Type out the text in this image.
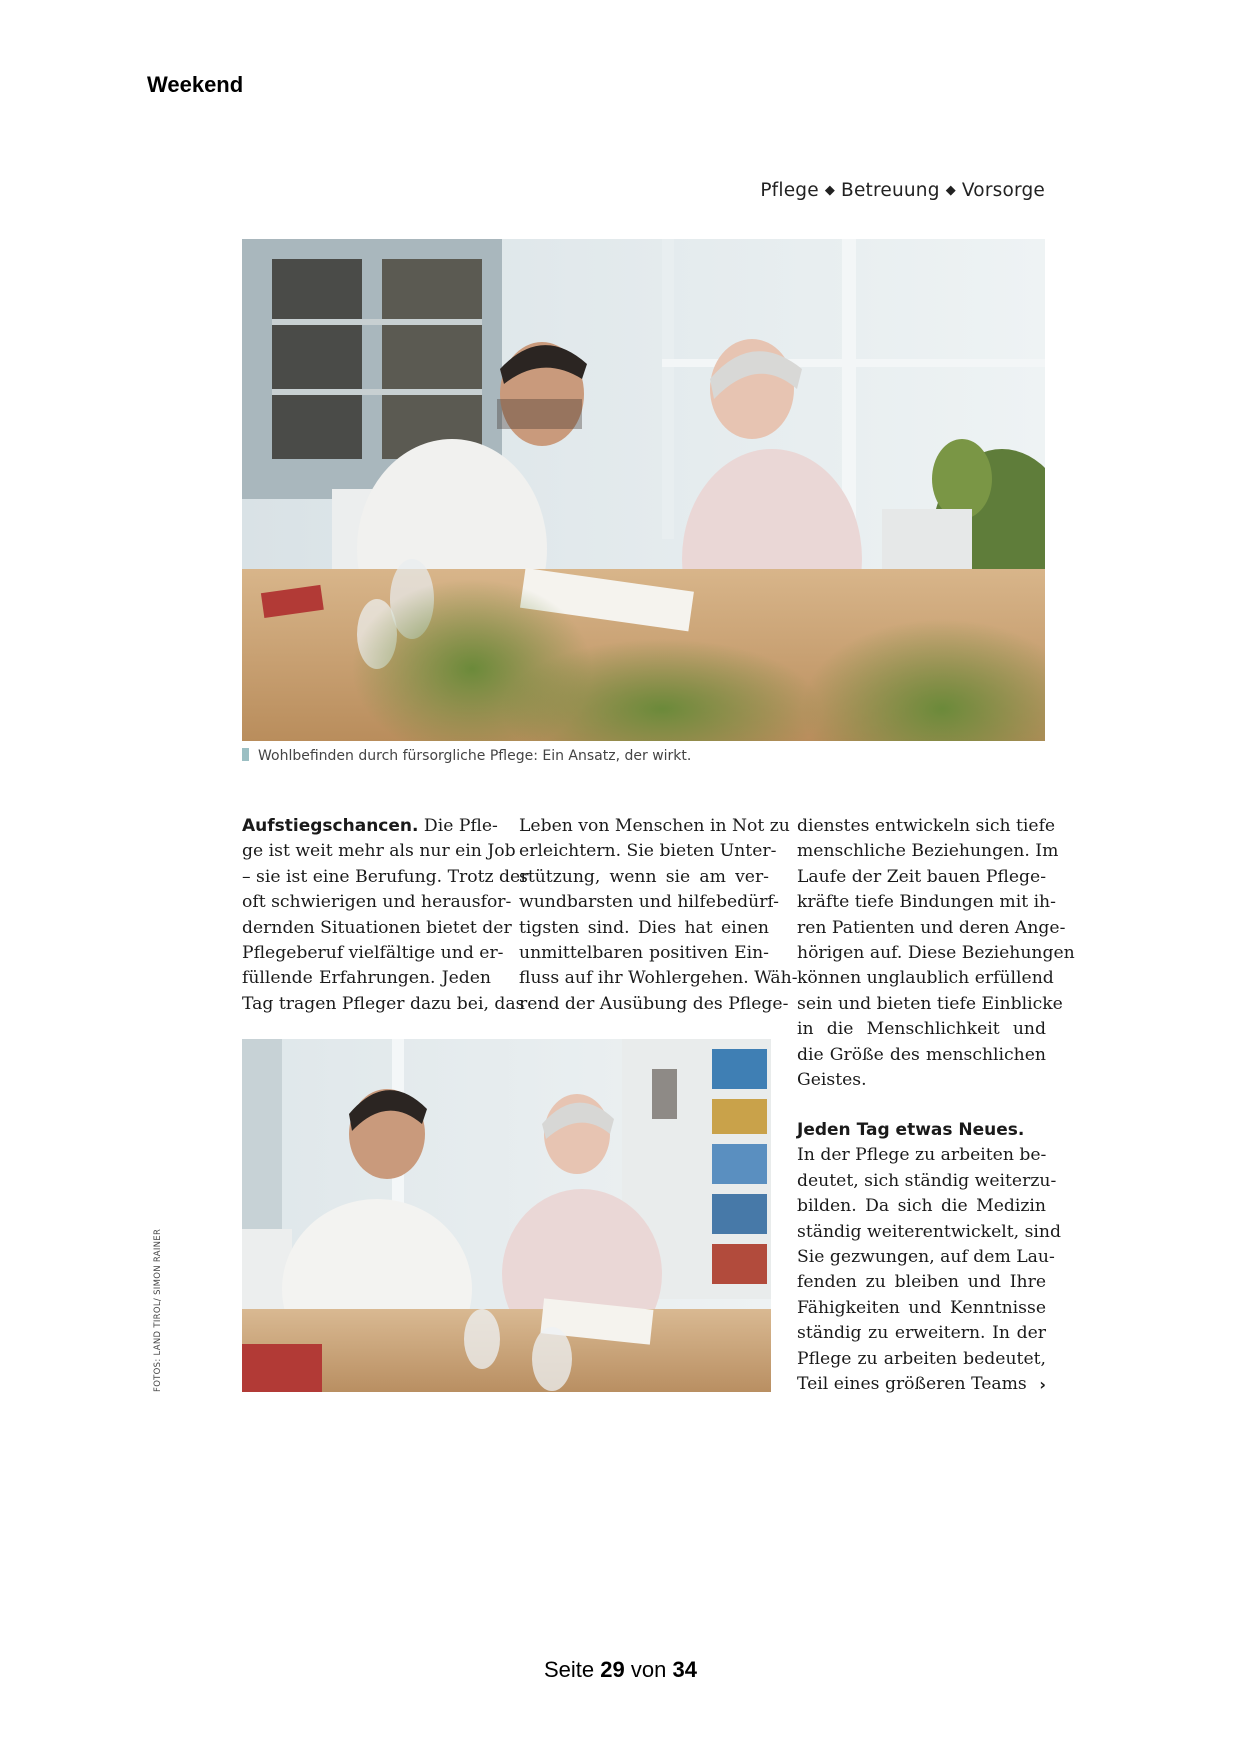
Weekend
Pflege ◆ Betreuung ◆ Vorsorge
Wohlbefinden durch fürsorgliche Pflege: Ein Ansatz, der wirkt.
Aufstiegschancen. Die Pfle-
ge ist weit mehr als nur ein Job
– sie ist eine Berufung. Trotz der
oft schwierigen und herausfor-
dernden Situationen bietet der
Pflegeberuf vielfältige und er-
füllende Erfahrungen. Jeden
Tag tragen Pfleger dazu bei, das
Leben von Menschen in Not zu
erleichtern. Sie bieten Unter-
stützung, wenn sie am ver-
wundbarsten und hilfebedürf-
tigsten sind. Dies hat einen
unmittelbaren positiven Ein-
fluss auf ihr Wohlergehen. Wäh-
rend der Ausübung des Pflege-
dienstes entwickeln sich tiefe
menschliche Beziehungen. Im
Laufe der Zeit bauen Pflege-
kräfte tiefe Bindungen mit ih-
ren Patienten und deren Ange-
hörigen auf. Diese Beziehungen
können unglaublich erfüllend
sein und bieten tiefe Einblicke
in die Menschlichkeit und
die Größe des menschlichen
Geistes.
Jeden Tag etwas Neues.
In der Pflege zu arbeiten be-
deutet, sich ständig weiterzu-
bilden. Da sich die Medizin
ständig weiterentwickelt, sind
Sie gezwungen, auf dem Lau-
fenden zu bleiben und Ihre
Fähigkeiten und Kenntnisse
ständig zu erweitern. In der
Pflege zu arbeiten bedeutet,
Teil eines größeren Teams ›
FOTOS: LAND TIROL/ SIMON RAINER
Seite 29 von 34
